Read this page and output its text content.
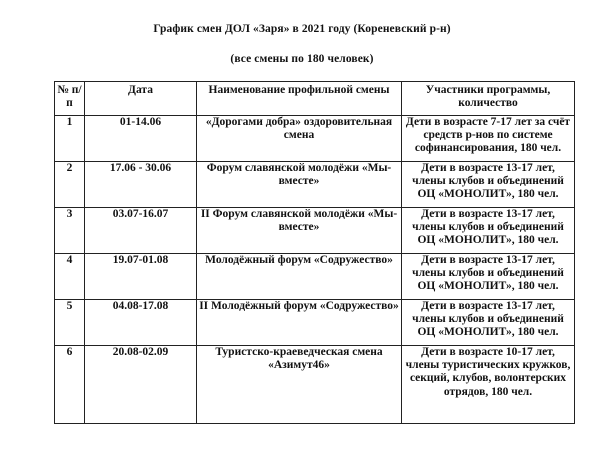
График смен ДОЛ «Заря» в 2021 году (Кореневский р-н)
(все смены по 180 человек)
№ п/п	Дата	Наименование профильной смены	Участники программы, количество
1	01-14.06	«Дорогами добра» оздоровительная смена	Дети в возрасте 7-17 лет за счёт средств р-нов по системе софинансирования, 180 чел.
2	17.06 - 30.06	Форум славянской молодёжи «Мы-вместе»	Дети в возрасте 13-17 лет, члены клубов и объединений ОЦ «МОНОЛИТ», 180 чел.
3	03.07-16.07	II Форум славянской молодёжи «Мы-вместе»	Дети в возрасте 13-17 лет, члены клубов и объединений ОЦ «МОНОЛИТ», 180 чел.
4	19.07-01.08	Молодёжный форум «Содружество»	Дети в возрасте 13-17 лет, члены клубов и объединений ОЦ «МОНОЛИТ», 180 чел.
5	04.08-17.08	II Молодёжный форум «Содружество»	Дети в возрасте 13-17 лет, члены клубов и объединений ОЦ «МОНОЛИТ», 180 чел.
6	20.08-02.09	Туристско-краеведческая смена «Азимут46»	Дети в возрасте 10-17 лет, члены туристических кружков, секций, клубов, волонтерских отрядов, 180 чел.
